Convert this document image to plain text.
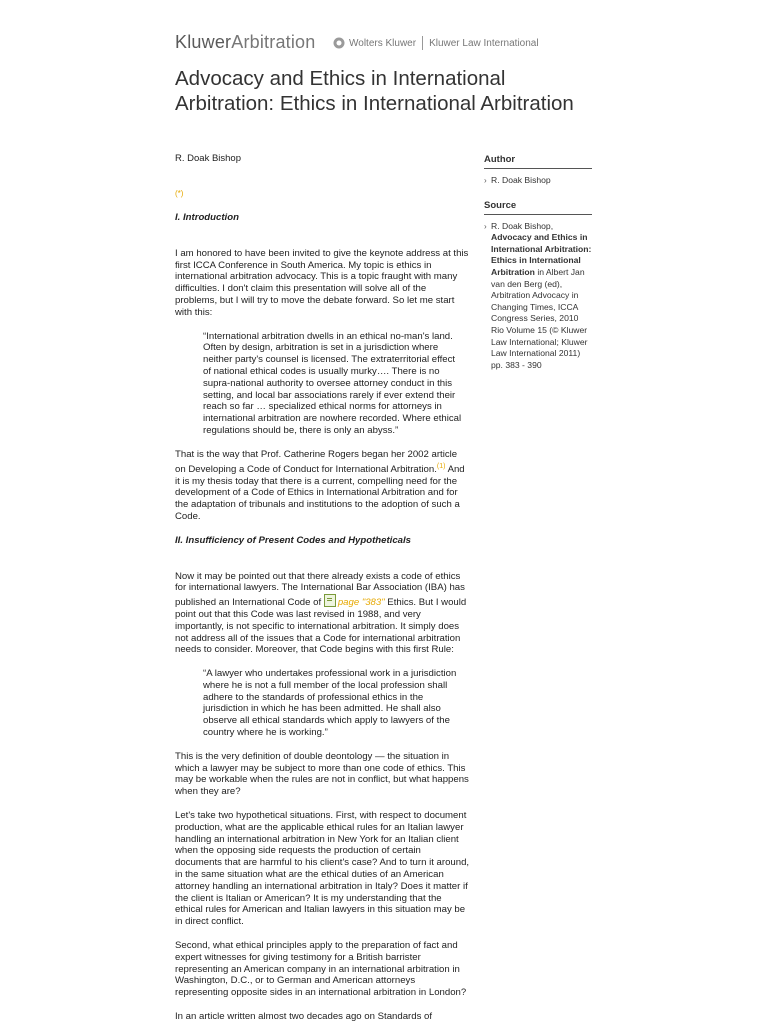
KluwerArbitration	Wolters Kluwer Kluwer Law International
Advocacy and Ethics in International Arbitration: Ethics in International Arbitration
R. Doak Bishop
(*)

I. Introduction

I am honored to have been invited to give the keynote address at this first ICCA Conference in South America. My topic is ethics in international arbitration advocacy. This is a topic fraught with many difficulties. I don't claim this presentation will solve all of the problems, but I will try to move the debate forward. So let me start with this:

“International arbitration dwells in an ethical no-man's land. Often by design, arbitration is set in a jurisdiction where neither party's counsel is licensed. The extraterritorial effect of national ethical codes is usually murky…. There is no supra-national authority to oversee attorney conduct in this setting, and local bar associations rarely if ever extend their reach so far … specialized ethical norms for attorneys in international arbitration are nowhere recorded. Where ethical regulations should be, there is only an abyss.”

That is the way that Prof. Catherine Rogers began her 2002 article on Developing a Code of Conduct for International Arbitration.$^{(1)}$ And it is my thesis today that there is a current, compelling need for the development of a Code of Ethics in International Arbitration and for the adaptation of tribunals and institutions to the adoption of such a Code.

II. Insufficiency of Present Codes and Hypotheticals

Now it may be pointed out that there already exists a code of ethics for international lawyers. The International Bar Association (IBA) has published an International Code of page "383" Ethics. But I would point out that this Code was last revised in 1988, and very importantly, is not specific to international arbitration. It simply does not address all of the issues that a Code for international arbitration needs to consider. Moreover, that Code begins with this first Rule:

“A lawyer who undertakes professional work in a jurisdiction where he is not a full member of the local profession shall adhere to the standards of professional ethics in the jurisdiction in which he has been admitted. He shall also observe all ethical standards which apply to lawyers of the country where he is working.”

This is the very definition of double deontology — the situation in which a lawyer may be subject to more than one code of ethics. This may be workable when the rules are not in conflict, but what happens when they are?

Let's take two hypothetical situations. First, with respect to document production, what are the applicable ethical rules for an Italian lawyer handling an international arbitration in New York for an Italian client when the opposing side requests the production of certain documents that are harmful to his client's case? And to turn it around, in the same situation what are the ethical duties of an American attorney handling an international arbitration in Italy? Does it matter if the client is Italian or American? It is my understanding that the ethical rules for American and Italian lawyers in this situation may be in direct conflict.

Second, what ethical principles apply to the preparation of fact and expert witnesses for giving testimony for a British barrister representing an American company in an international arbitration in Washington, D.C., or to German and American attorneys representing opposite sides in an international arbitration in London?

In an article written almost two decades ago on Standards of

Author
› R. Doak Bishop
Source
› R. Doak Bishop, Advocacy and Ethics in International Arbitration: Ethics in International Arbitration in Albert Jan van den Berg (ed), Arbitration Advocacy in Changing Times, ICCA Congress Series, 2010 Rio Volume 15 (© Kluwer Law International; Kluwer Law International 2011) pp. 383 - 390
